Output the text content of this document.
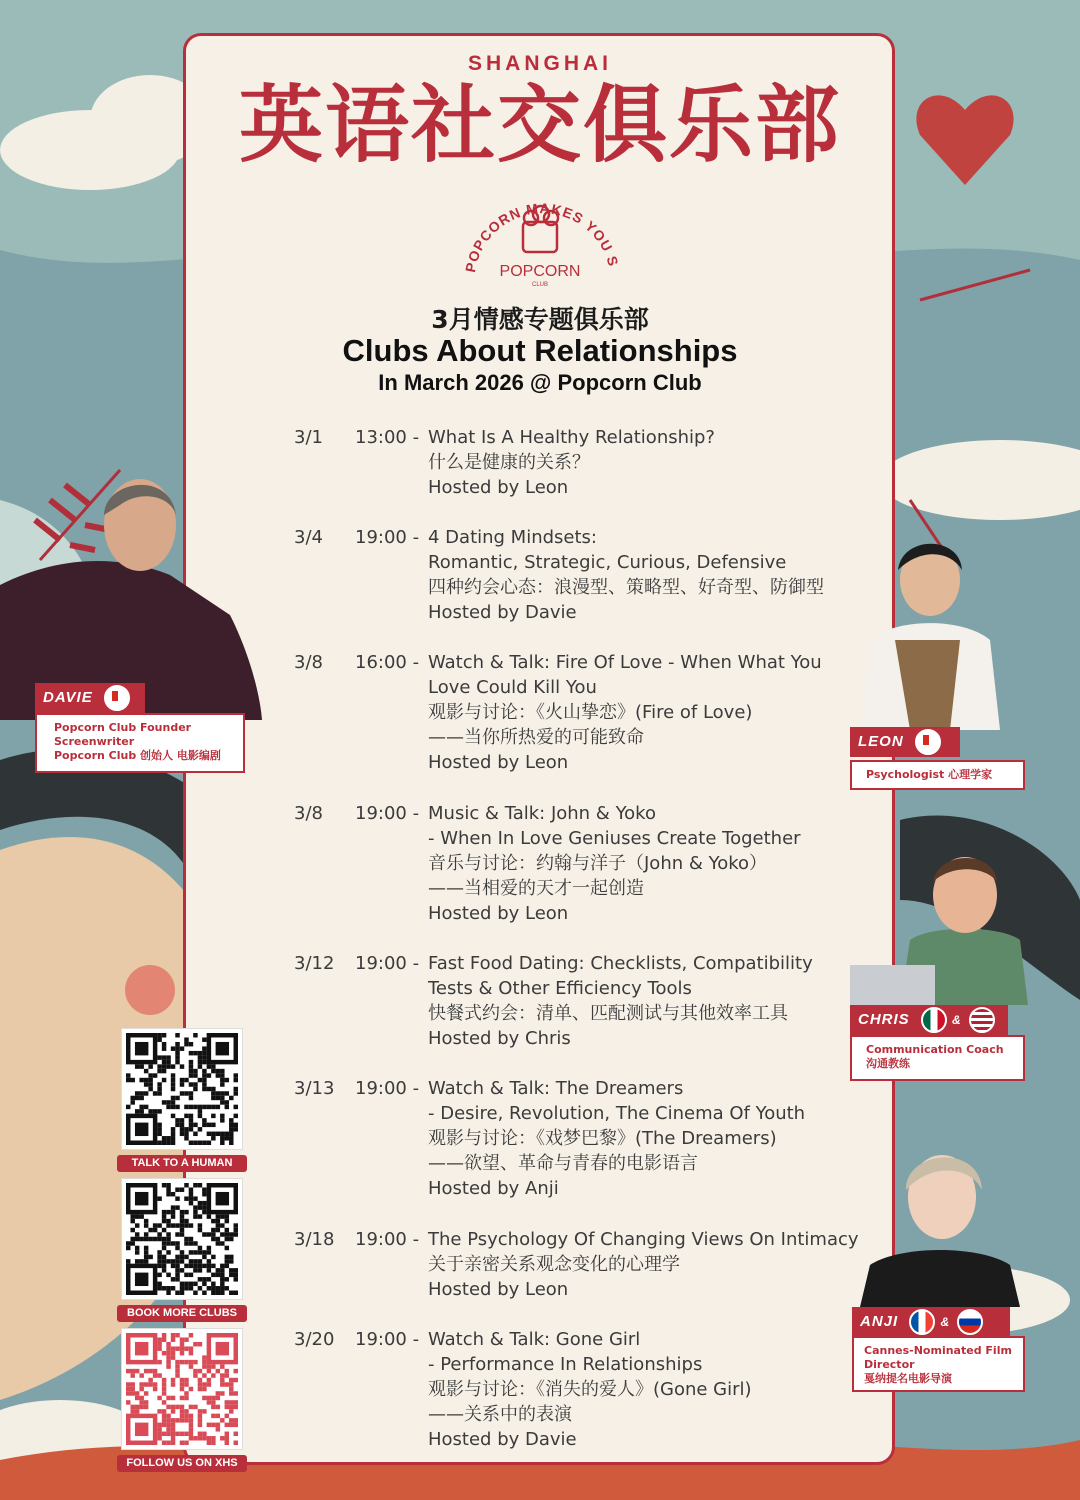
SHANGHAI
英语社交俱乐部
POPCORN MAKES YOU S
POPCORN
CLUB
3月情感专题俱乐部
Clubs About Relationships
In March 2026 @ Popcorn Club
3/1 13:00 - What Is A Healthy Relationship?
什么是健康的关系？
Hosted by Leon
3/4 19:00 - 4 Dating Mindsets:
Romantic, Strategic, Curious, Defensive
四种约会心态：浪漫型、策略型、好奇型、防御型
Hosted by Davie
3/8 16:00 - Watch & Talk: Fire Of Love - When What You
Love Could Kill You
观影与讨论：《火山挚恋》(Fire of Love)
——当你所热爱的可能致命
Hosted by Leon
3/8 19:00 - Music & Talk: John & Yoko
- When In Love Geniuses Create Together
音乐与讨论：约翰与洋子（John & Yoko）
——当相爱的天才一起创造
Hosted by Leon
3/12 19:00 - Fast Food Dating: Checklists, Compatibility
Tests & Other Efficiency Tools
快餐式约会：清单、匹配测试与其他效率工具
Hosted by Chris
3/13 19:00 - Watch & Talk: The Dreamers
- Desire, Revolution, The Cinema Of Youth
观影与讨论：《戏梦巴黎》(The Dreamers)
——欲望、革命与青春的电影语言
Hosted by Anji
3/18 19:00 - The Psychology Of Changing Views On Intimacy
关于亲密关系观念变化的心理学
Hosted by Leon
3/20 19:00 - Watch & Talk: Gone Girl
- Performance In Relationships
观影与讨论：《消失的爱人》(Gone Girl)
——关系中的表演
Hosted by Davie
DAVIE
Popcorn Club Founder
Screenwriter
Popcorn Club 创始人 电影编剧
LEON
Psychologist 心理学家
CHRIS	&
Communication Coach
沟通教练
ANJI	&
Cannes-Nominated Film
Director
戛纳提名电影导演
TALK TO A HUMAN
BOOK MORE CLUBS
FOLLOW US ON XHS
